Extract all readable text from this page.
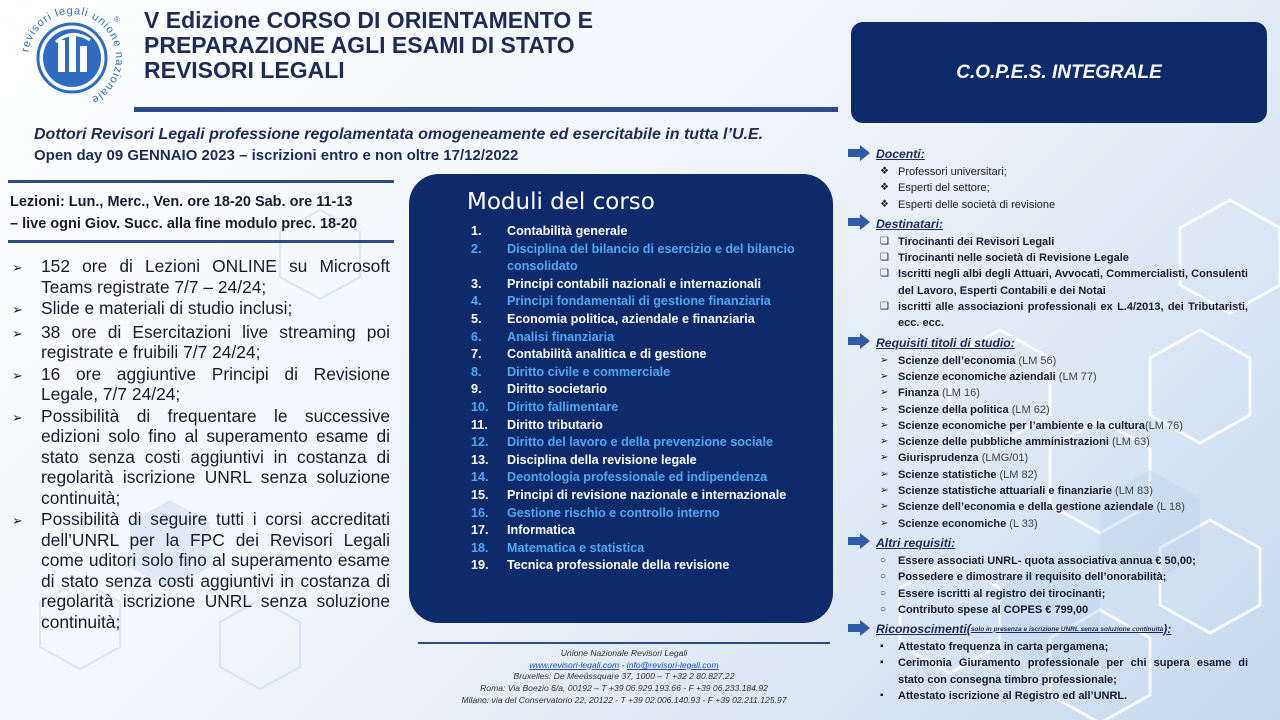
revisori legali unione nazionale
® V Edizione CORSO DI ORIENTAMENTO E
PREPARAZIONE AGLI ESAMI DI STATO
REVISORI LEGALI	C.O.P.E.S. INTEGRALE
Dottori Revisori Legali professione regolamentata omogeneamente ed esercitabile in tutta l’U.E.
Open day 09 GENNAIO 2023 – iscrizioni entro e non oltre 17/12/2022
Lezioni: Lun., Merc., Ven. ore 18-20 Sab. ore 11-13
– live ogni Giov. Succ. alla fine modulo prec. 18-20
➢	152 ore di Lezioni ONLINE su Microsoft Teams registrate 7/7 – 24/24;
➢	Slide e materiali di studio inclusi;
➢	38 ore di Esercitazioni live streaming poi registrate e fruibili 7/7 24/24;
➢	16 ore aggiuntive Principi di Revisione Legale, 7/7 24/24;
➢	Possibilità di frequentare le successive edizioni solo fino al superamento esame di stato senza costi aggiuntivi in costanza di regolarità iscrizione UNRL senza soluzione continuità;
➢	Possibilità di seguire tutti i corsi accreditati dell’UNRL per la FPC dei Revisori Legali come uditori solo fino al superamento esame di stato senza costi aggiuntivi in costanza di regolarità iscrizione UNRL senza soluzione continuità;
Moduli del corso
1.	Contabilità generale
2.	Disciplina del bilancio di esercizio e del bilancio consolidato
3.	Principi contabili nazionali e internazionali
4.	Principi fondamentali di gestione finanziaria
5.	Economia politica, aziendale e finanziaria
6.	Analisi finanziaria
7.	Contabilità analitica e di gestione
8.	Diritto civile e commerciale
9.	Diritto societario
10.	Diritto fallimentare
11.	Diritto tributario
12.	Diritto del lavoro e della prevenzione sociale
13.	Disciplina della revisione legale
14.	Deontologia professionale ed indipendenza
15.	Principi di revisione nazionale e internazionale
16.	Gestione rischio e controllo interno
17.	Informatica
18.	Matematica e statistica
19.	Tecnica professionale della revisione
Unione Nazionale Revisori Legali
www.revisori-legali.com - info@revisori-legali.com
Bruxelles: De Meeûssquare 37, 1000 – T +32 2 80.827.22
Roma: Via Boezio 6/a, 00192 – T +39 06.929.193.66 - F +39 06.233.184.92
Milano: via del Conservatorio 22, 20122 - T +39 02.006.140.93 - F +39 02.211.125.97
Docenti:
❖ Professori universitari;
❖ Esperti del settore;
❖ Esperti delle società di revisione
Destinatari:
❑ Tirocinanti dei Revisori Legali
❑ Tirocinanti nelle società di Revisione Legale
❑ Iscritti negli albi degli Attuari, Avvocati, Commercialisti, Consulenti del Lavoro, Esperti Contabili e dei Notai
❑ iscritti alle associazioni professionali ex L.4/2013, dei Tributaristi, ecc. ecc.
Requisiti titoli di studio:
➢ Scienze dell’economia (LM 56)
➢ Scienze economiche aziendali (LM 77)
➢ Finanza (LM 16)
➢ Scienze della politica (LM 62)
➢ Scienze economiche per l’ambiente e la cultura(LM 76)
➢ Scienze delle pubbliche amministrazioni (LM 63)
➢ Giurisprudenza (LMG/01)
➢ Scienze statistiche (LM 82)
➢ Scienze statistiche attuariali e finanziarie (LM 83)
➢ Scienze dell’economia e della gestione aziendale (L 18)
➢ Scienze economiche (L 33)
Altri requisiti:
○	Essere associati UNRL- quota associativa annua € 50,00;
○	Possedere e dimostrare il requisito dell’onorabilità;
○	Essere iscritti al registro dei tirocinanti;
○	Contributo spese al COPES € 799,00
Riconoscimenti ( solo in presenza e iscrizione UNRL senza soluzione continuità ):
▪	Attestato frequenza in carta pergamena;
▪	Cerimonia Giuramento professionale per chi supera esame di stato con consegna timbro professionale;
▪	Attestato iscrizione al Registro ed all’UNRL.
